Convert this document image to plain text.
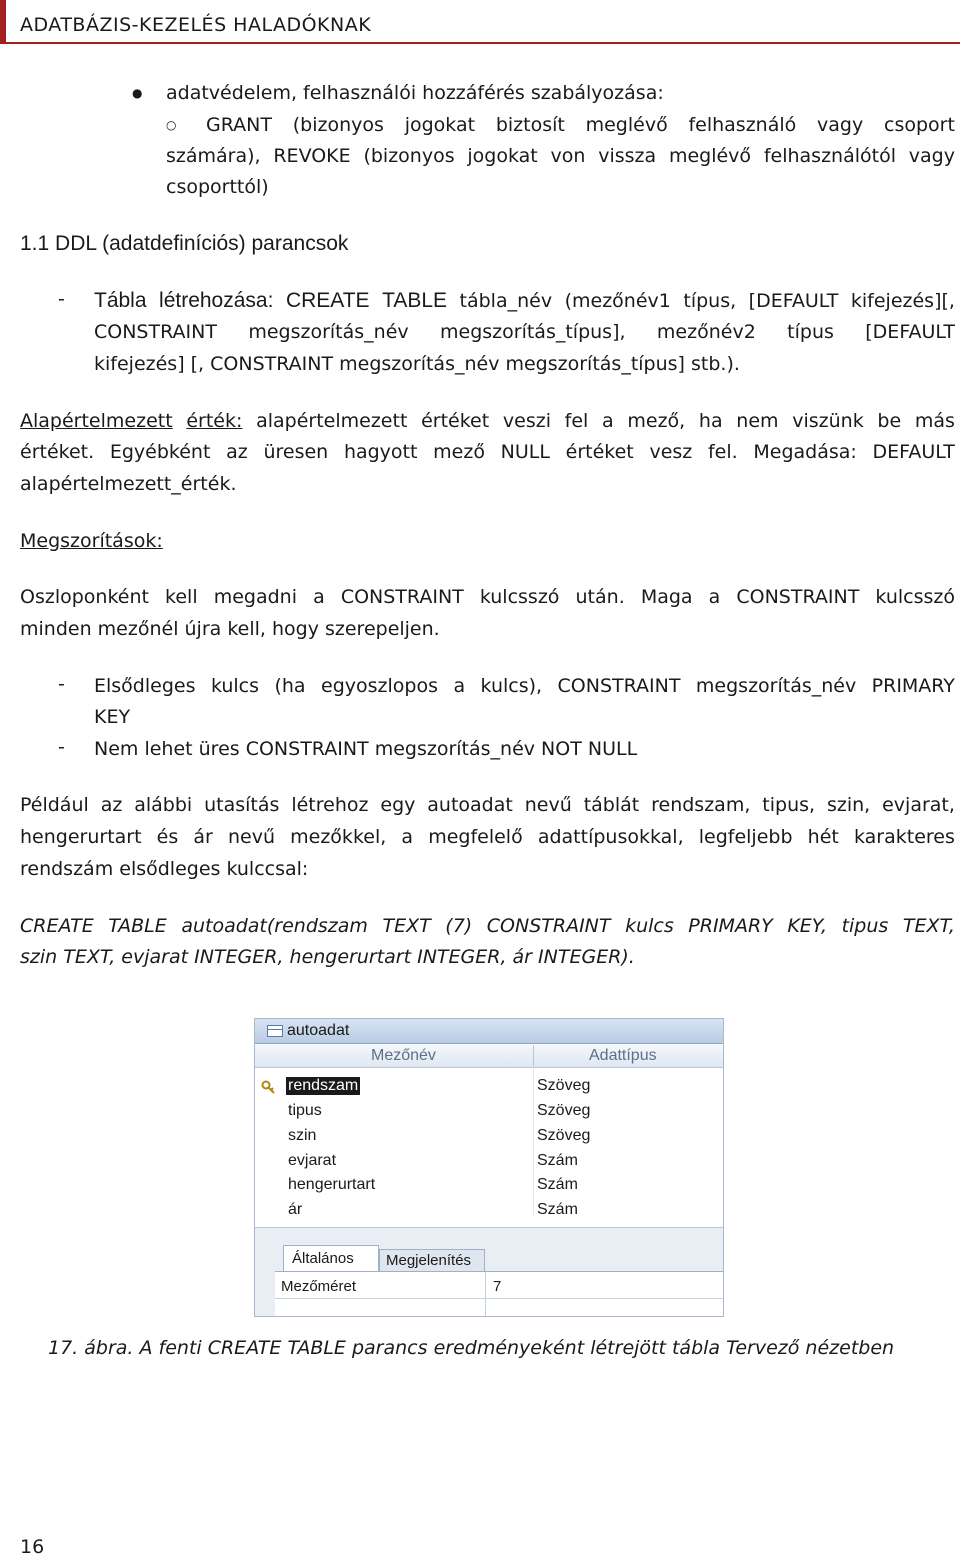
ADATBÁZIS-KEZELÉS HALADÓKNAK
● adatvédelem, felhasználói hozzáférés szabályozása:
○ GRANT (bizonyos jogokat biztosít meglévő felhasználó vagy csoport
számára), REVOKE (bizonyos jogokat von vissza meglévő felhasználótól vagy
csoporttól)
1.1 DDL (adatdefiníciós) parancsok
- Tábla létrehozása: CREATE TABLE tábla_név (mezőnév1 típus, [DEFAULT kifejezés][,
CONSTRAINT megszorítás_név megszorítás_típus], mezőnév2 típus [DEFAULT
kifejezés] [, CONSTRAINT megszorítás_név megszorítás_típus] stb.).
Alapértelmezett érték: alapértelmezett értéket veszi fel a mező, ha nem viszünk be más
értéket. Egyébként az üresen hagyott mező NULL értéket vesz fel. Megadása: DEFAULT
alapértelmezett_érték.
Megszorítások:
Oszloponként kell megadni a CONSTRAINT kulcsszó után. Maga a CONSTRAINT kulcsszó
minden mezőnél újra kell, hogy szerepeljen.
- Elsődleges kulcs (ha egyoszlopos a kulcs), CONSTRAINT megszorítás_név PRIMARY
KEY
- Nem lehet üres CONSTRAINT megszorítás_név NOT NULL
Például az alábbi utasítás létrehoz egy autoadat nevű táblát rendszam, tipus, szin, evjarat,
hengerurtart és ár nevű mezőkkel, a megfelelő adattípusokkal, legfeljebb hét karakteres
rendszám elsődleges kulccsal:
CREATE TABLE autoadat(rendszam TEXT (7) CONSTRAINT kulcs PRIMARY KEY, tipus TEXT,
szin TEXT, evjarat INTEGER, hengerurtart INTEGER, ár INTEGER).
autoadat
Mezőnév	Adattípus
rendszam	Szöveg
tipus	Szöveg
szin	Szöveg
evjarat	Szám
hengerurtart	Szám
ár	Szám
Általános Megjelenítés
Mezőméret	7
17. ábra. A fenti CREATE TABLE parancs eredményeként létrejött tábla Tervező nézetben
16
